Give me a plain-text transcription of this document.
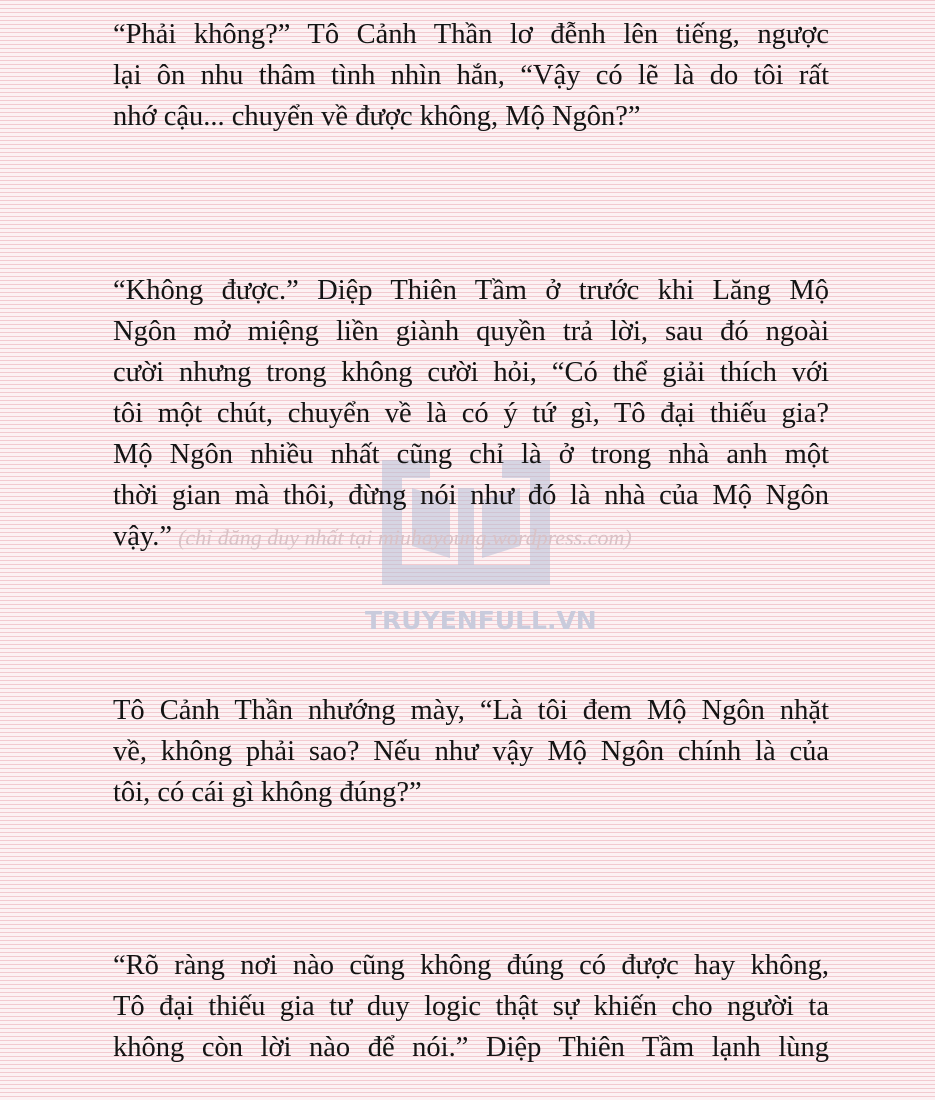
TRUYENFULL.VN
“Phải không?” Tô Cảnh Thần lơ đễnh lên tiếng, ngược
lại ôn nhu thâm tình nhìn hắn, “Vậy có lẽ là do tôi rất
nhớ cậu... chuyển về được không, Mộ Ngôn?”
“Không được.” Diệp Thiên Tầm ở trước khi Lăng Mộ
Ngôn mở miệng liền giành quyền trả lời, sau đó ngoài
cười nhưng trong không cười hỏi, “Có thể giải thích với
tôi một chút, chuyển về là có ý tứ gì, Tô đại thiếu gia?
Mộ Ngôn nhiều nhất cũng chỉ là ở trong nhà anh một
thời gian mà thôi, đừng nói như đó là nhà của Mộ Ngôn
vậy.” (chỉ đăng duy nhất tại miuhayoung.wordpress.com)
Tô Cảnh Thần nhướng mày, “Là tôi đem Mộ Ngôn nhặt
về, không phải sao? Nếu như vậy Mộ Ngôn chính là của
tôi, có cái gì không đúng?”
“Rõ ràng nơi nào cũng không đúng có được hay không,
Tô đại thiếu gia tư duy logic thật sự khiến cho người ta
không còn lời nào để nói.” Diệp Thiên Tầm lạnh lùng
